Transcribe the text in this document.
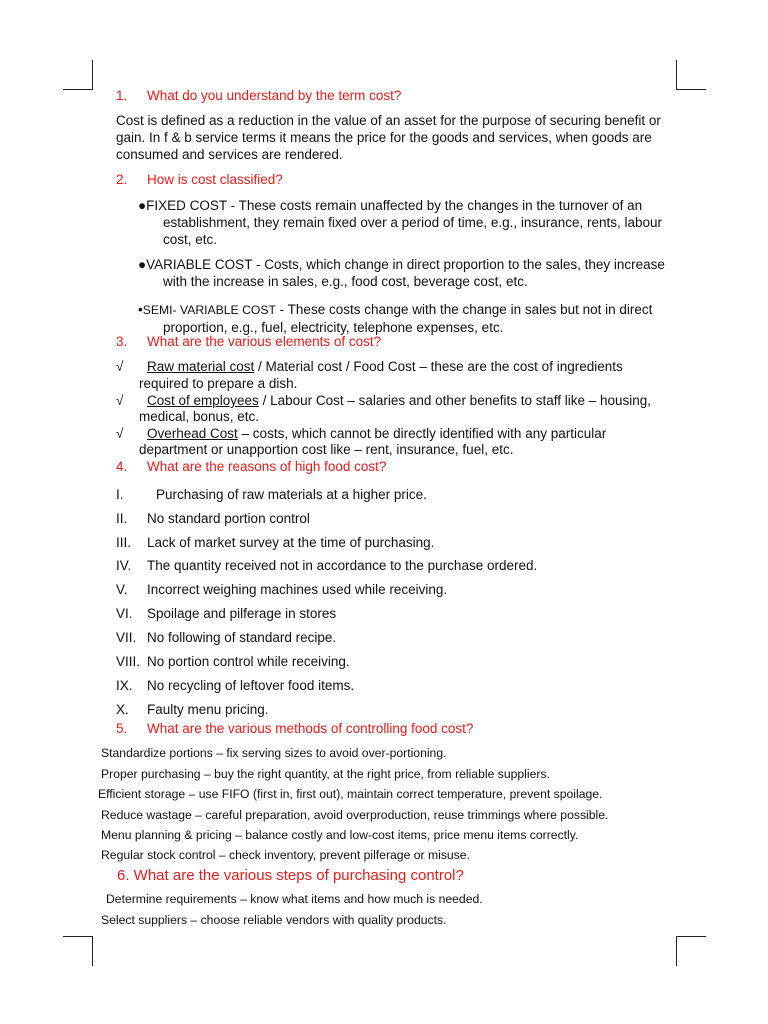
1. What do you understand by the term cost?
Cost is defined as a reduction in the value of an asset for the purpose of securing benefit or gain. In f & b service terms it means the price for the goods and services, when goods are consumed and services are rendered.
2. How is cost classified?
●FIXED COST - These costs remain unaffected by the changes in the turnover of an
establishment, they remain fixed over a period of time, e.g., insurance, rents, labour cost, etc.
●VARIABLE COST - Costs, which change in direct proportion to the sales, they increase
with the increase in sales, e.g., food cost, beverage cost, etc.
•SEMI- VARIABLE COST - These costs change with the change in sales but not in direct
proportion, e.g., fuel, electricity, telephone expenses, etc.
3. What are the various elements of cost?
√ Raw material cost / Material cost / Food Cost – these are the cost of ingredients
required to prepare a dish.
√ Cost of employees / Labour Cost – salaries and other benefits to staff like – housing,
medical, bonus, etc.
√ Overhead Cost – costs, which cannot be directly identified with any particular
department or unapportion cost like – rent, insurance, fuel, etc.
4. What are the reasons of high food cost?
I. Purchasing of raw materials at a higher price.
II. No standard portion control
III. Lack of market survey at the time of purchasing.
IV. The quantity received not in accordance to the purchase ordered.
V. Incorrect weighing machines used while receiving.
VI. Spoilage and pilferage in stores
VII. No following of standard recipe.
VIII. No portion control while receiving.
IX. No recycling of leftover food items.
X. Faulty menu pricing.
5. What are the various methods of controlling food cost?
Standardize portions – fix serving sizes to avoid over-portioning.
Proper purchasing – buy the right quantity, at the right price, from reliable suppliers.
Efficient storage – use FIFO (first in, first out), maintain correct temperature, prevent spoilage.
Reduce wastage – careful preparation, avoid overproduction, reuse trimmings where possible.
Menu planning & pricing – balance costly and low-cost items, price menu items correctly.
Regular stock control – check inventory, prevent pilferage or misuse.
6. What are the various steps of purchasing control?
Determine requirements – know what items and how much is needed.
Select suppliers – choose reliable vendors with quality products.
